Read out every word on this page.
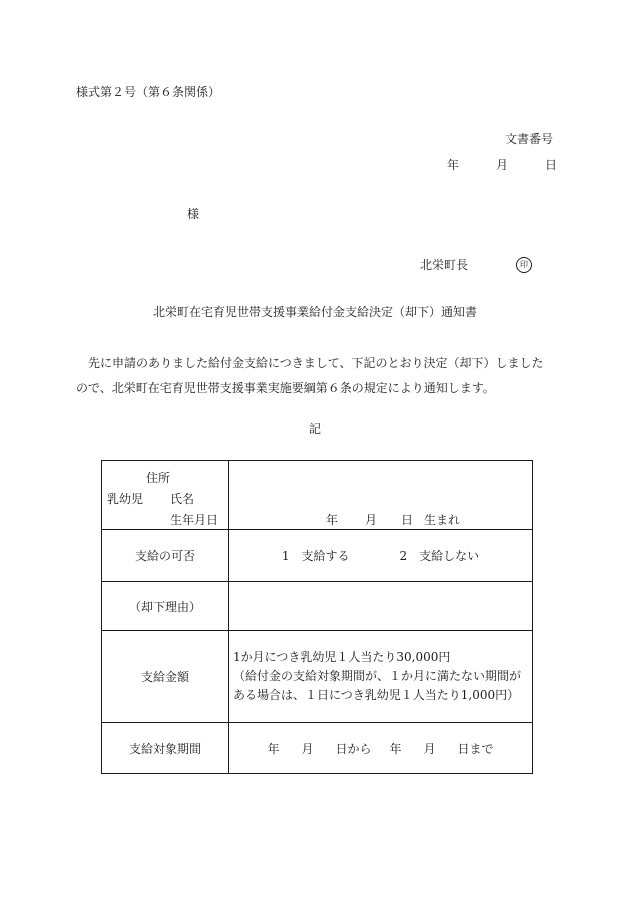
様式第２号（第６条関係）
文書番号
年	月	日
様
北栄町長	印
北栄町在宅育児世帯支援事業給付金支給決定（却下）通知書

　先に申請のありました給付金支給につきまして、下記のとおり決定（却下）しました

ので、北栄町在宅育児世帯支援事業実施要綱第６条の規定により通知します。

記
住所
乳幼児 氏名
生年月日	年 月 日 生まれ

支給の可否	1　支給する 2　支給しない
（却下理由）	
支給金額	1か月につき乳幼児１人当たり30,000円
（給付金の支給対象期間が、１か月に満たない期間が
ある場合は、１日につき乳幼児１人当たり1,000円）

支給対象期間	年 月 日から 年 月 日まで
